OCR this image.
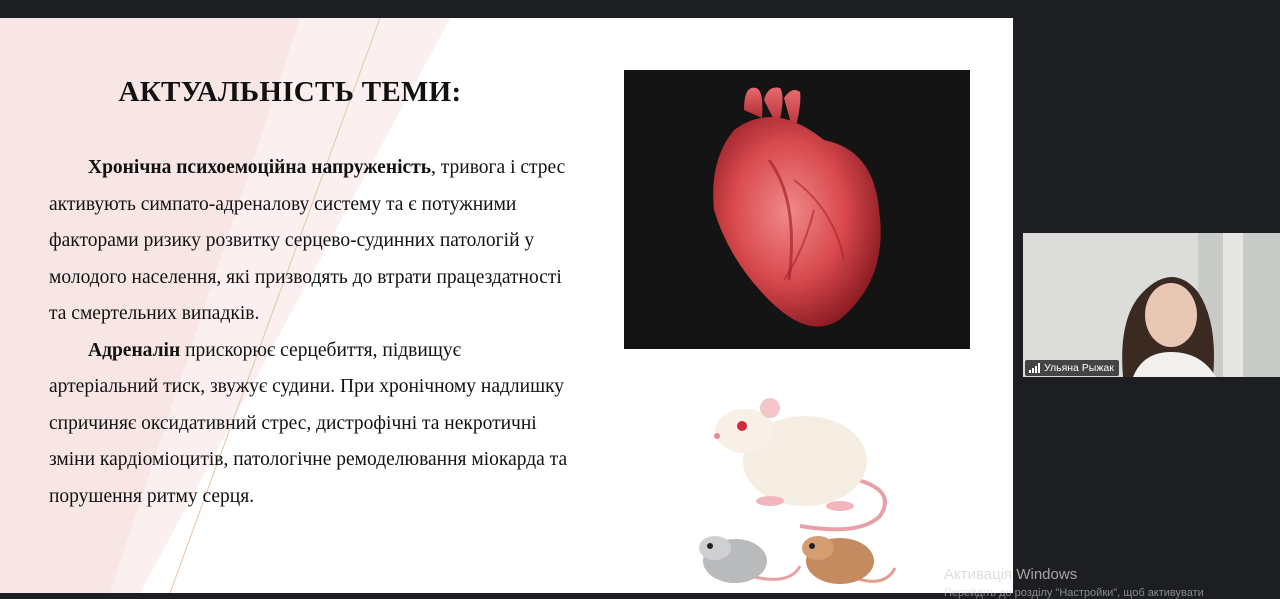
АКТУАЛЬНІСТЬ ТЕМИ:

Хронічна психоемоційна напруженість, тривога і стрес активують симпато-адреналову систему та є потужними факторами ризику розвитку серцево-судинних патологій у молодого населення, які призводять до втрати працездатності та смертельних випадків.

Адреналін прискорює серцебиття, підвищує артеріальний тиск, звужує судини. При хронічному надлишку спричиняє оксидативний стрес, дистрофічні та некротичні зміни кардіоміоцитів, патологічне ремоделювання міокарда та порушення ритму серця.

Ульяна Рыжак
Активація Windows
Перейдіть до розділу "Настройки", щоб активувати
